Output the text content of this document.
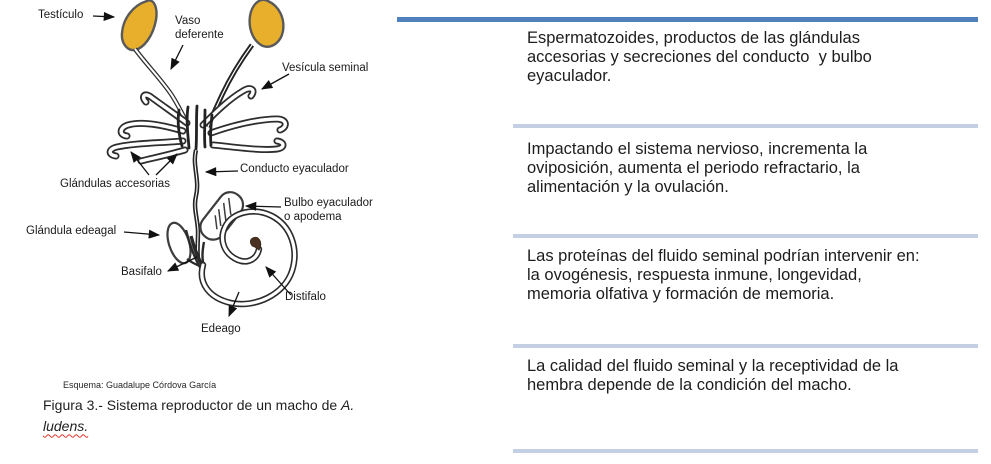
Testículo	Vaso
deferente
Vesícula seminal
Glándulas accesorias
Conducto eyaculador
Bulbo eyaculador
o apodema
Glándula edeagal
Basifalo
Distifalo
Edeago
Esquema: Guadalupe Córdova García
Figura 3.- Sistema reproductor de un macho de A.
ludens.
Espermatozoides, productos de las glándulas
accesorias y secreciones del conducto  y bulbo
eyaculador.
Impactando el sistema nervioso, incrementa la
oviposición, aumenta el periodo refractario, la
alimentación y la ovulación.
Las proteínas del fluido seminal podrían intervenir en:
la ovogénesis, respuesta inmune, longevidad,
memoria olfativa y formación de memoria.
La calidad del fluido seminal y la receptividad de la
hembra depende de la condición del macho.
